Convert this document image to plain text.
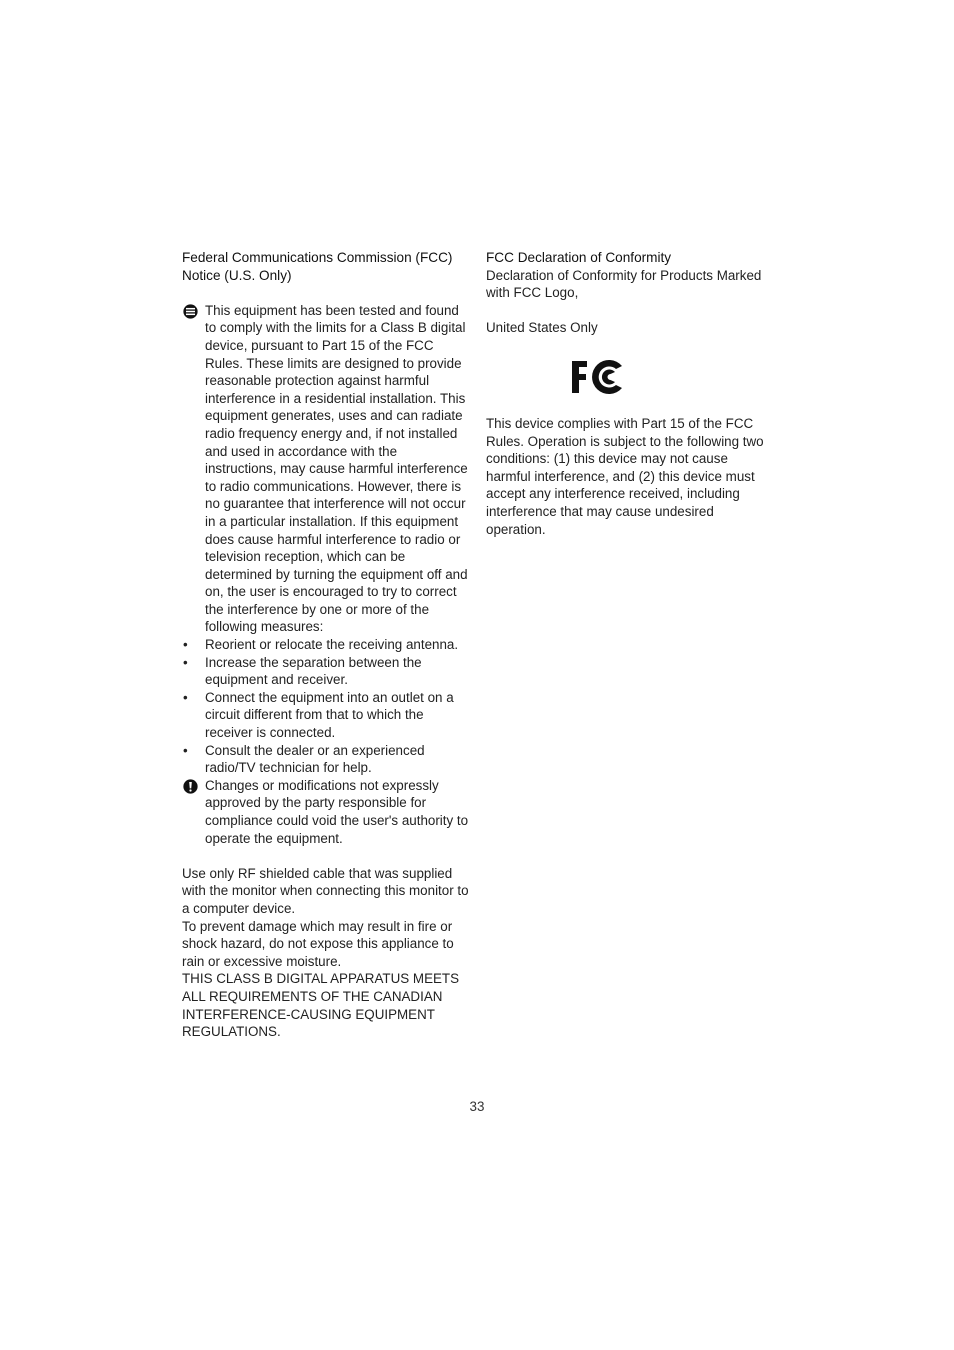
Federal Communications Commission (FCC) Notice (U.S. Only)

This equipment has been tested and found to comply with the limits for a Class B digital device, pursuant to Part 15 of the FCC Rules. These limits are designed to provide reasonable protection against harmful interference in a residential installation. This equipment generates, uses and can radiate radio frequency energy and, if not installed and used in accordance with the instructions, may cause harmful interference to radio communications. However, there is no guarantee that interference will not occur in a particular installation. If this equipment does cause harmful interference to radio or television reception, which can be determined by turning the equipment off and on, the user is encouraged to try to correct the interference by one or more of the following measures:

• Reorient or relocate the receiving antenna.
• Increase the separation between the equipment and receiver.
• Connect the equipment into an outlet on a circuit different from that to which the receiver is connected.
• Consult the dealer or an experienced radio/TV technician for help.

Changes or modifications not expressly approved by the party responsible for compliance could void the user's authority to operate the equipment.

Use only RF shielded cable that was supplied with the monitor when connecting this monitor to a computer device.

To prevent damage which may result in fire or shock hazard, do not expose this appliance to rain or excessive moisture.

THIS CLASS B DIGITAL APPARATUS MEETS ALL REQUIREMENTS OF THE CANADIAN INTERFERENCE-CAUSING EQUIPMENT REGULATIONS.

FCC Declaration of Conformity

Declaration of Conformity for Products Marked with FCC Logo,

United States Only

This device complies with Part 15 of the FCC Rules. Operation is subject to the following two conditions: (1) this device may not cause harmful interference, and (2) this device must accept any interference received, including interference that may cause undesired operation.

33
